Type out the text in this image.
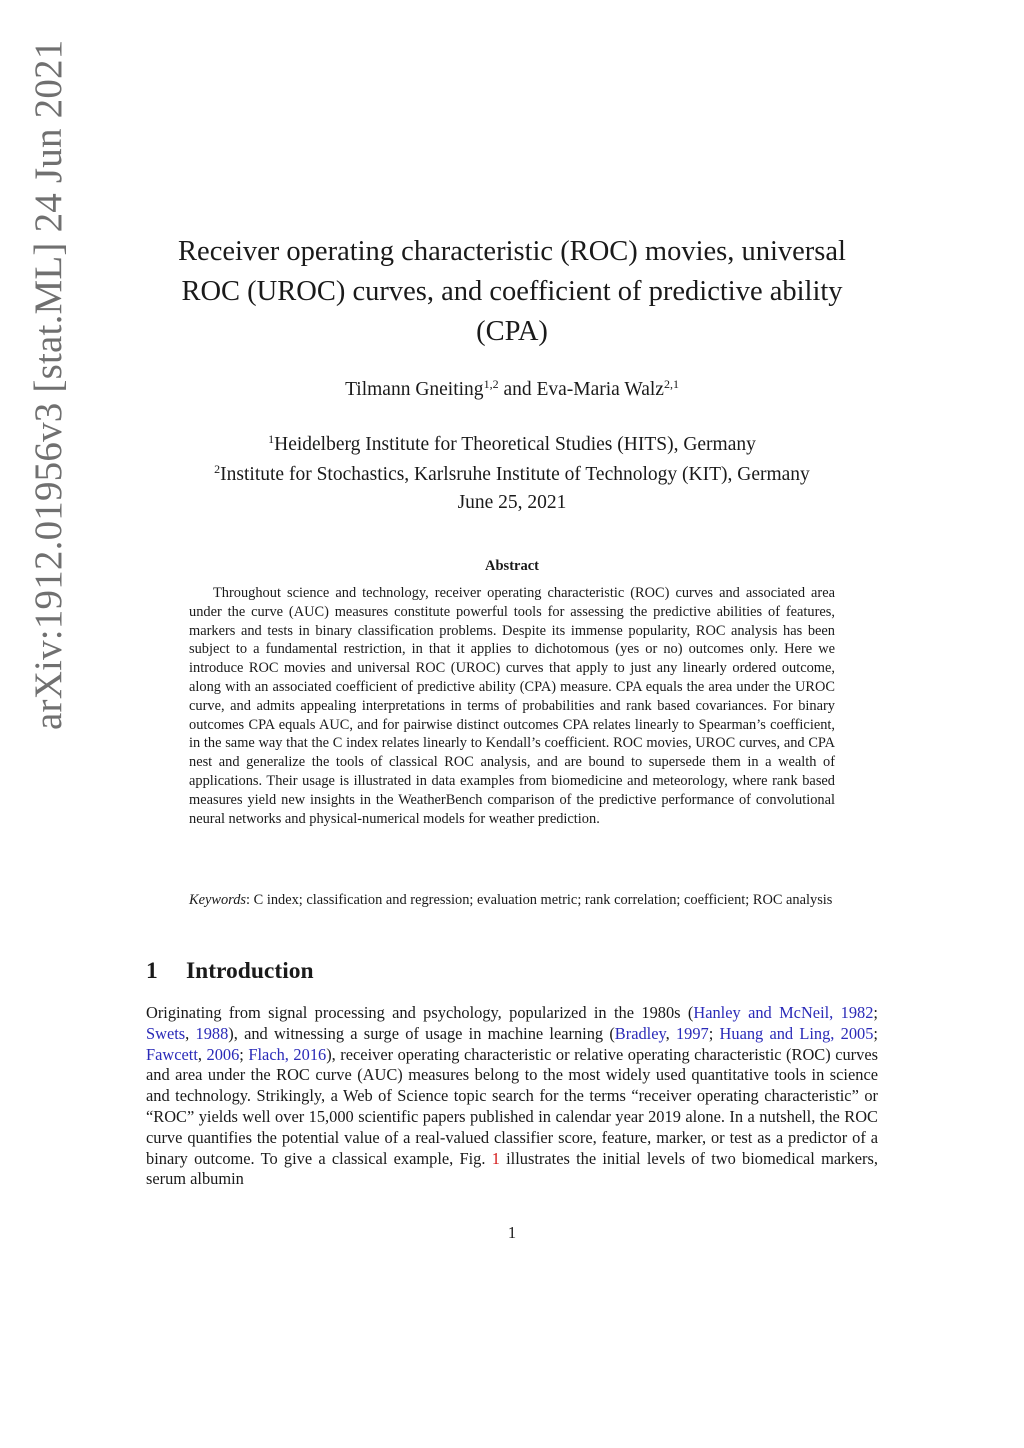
arXiv:1912.01956v3 [stat.ML] 24 Jun 2021	Receiver operating characteristic (ROC) movies, universal ROC (UROC) curves, and coefficient of predictive ability (CPA)
Tilmann Gneiting$^{1,2}$ and Eva-Maria Walz$^{2,1}$
$^1$Heidelberg Institute for Theoretical Studies (HITS), Germany
$^2$Institute for Stochastics, Karlsruhe Institute of Technology (KIT), Germany
June 25, 2021
Abstract
Throughout science and technology, receiver operating characteristic (ROC) curves and associated area under the curve (AUC) measures constitute powerful tools for assessing the predictive abilities of features, markers and tests in binary classification problems. Despite its immense popularity, ROC analysis has been subject to a fundamental restriction, in that it applies to dichotomous (yes or no) outcomes only. Here we introduce ROC movies and universal ROC (UROC) curves that apply to just any linearly ordered outcome, along with an associated coefficient of predictive ability (CPA) measure. CPA equals the area under the UROC curve, and admits appealing interpretations in terms of probabilities and rank based covariances. For binary outcomes CPA equals AUC, and for pairwise distinct outcomes CPA relates linearly to Spearman’s coefficient, in the same way that the C index relates linearly to Kendall’s coefficient. ROC movies, UROC curves, and CPA nest and generalize the tools of classical ROC analysis, and are bound to supersede them in a wealth of applications. Their usage is illustrated in data examples from biomedicine and meteorology, where rank based measures yield new insights in the WeatherBench comparison of the predictive performance of convolutional neural networks and physical-numerical models for weather prediction.
Keywords: C index; classification and regression; evaluation metric; rank correlation; coefficient; ROC analysis
1 Introduction
Originating from signal processing and psychology, popularized in the 1980s (Hanley and McNeil, 1982; Swets, 1988), and witnessing a surge of usage in machine learning (Bradley, 1997; Huang and Ling, 2005; Fawcett, 2006; Flach, 2016), receiver operating characteristic or relative operating characteristic (ROC) curves and area under the ROC curve (AUC) measures belong to the most widely used quantitative tools in science and technology. Strikingly, a Web of Science topic search for the terms “receiver operating characteristic” or “ROC” yields well over 15,000 scientific papers published in calendar year 2019 alone. In a nutshell, the ROC curve quantifies the potential value of a real-valued classifier score, feature, marker, or test as a predictor of a binary outcome. To give a classical example, Fig. 1 illustrates the initial levels of two biomedical markers, serum albumin
1
